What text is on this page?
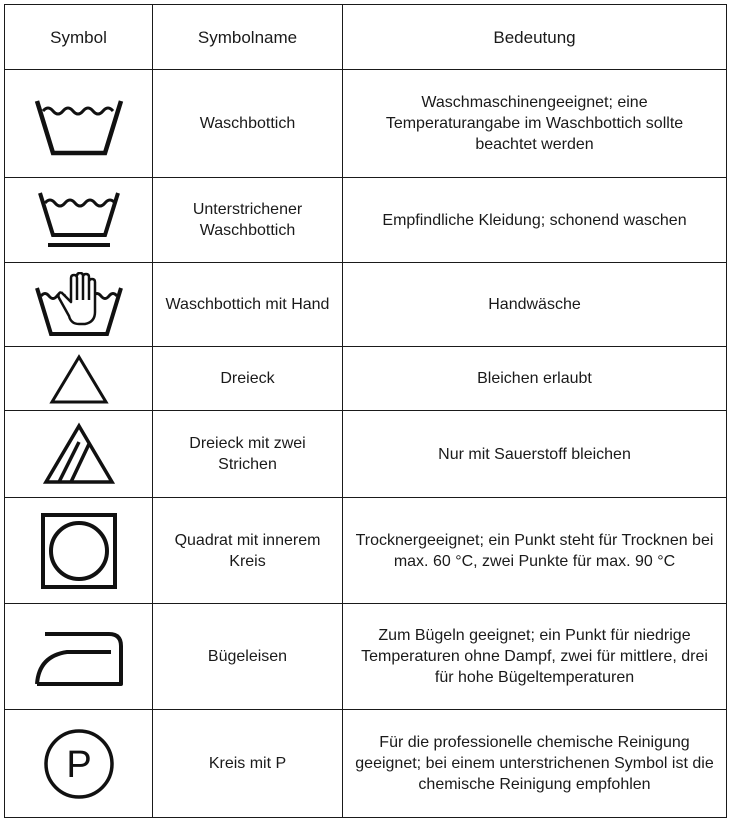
Symbol	Symbolname	Bedeutung

	Waschbottich	Waschmaschinengeeignet; eine Temperaturangabe im Waschbottich sollte beachtet werden

	Unterstrichener Waschbottich	Empfindliche Kleidung; schonend waschen

	Waschbottich mit Hand	Handwäsche

	Dreieck	Bleichen erlaubt

	Dreieck mit zwei Strichen	Nur mit Sauerstoff bleichen

	Quadrat mit innerem Kreis	Trocknergeeignet; ein Punkt steht für Trocknen bei max. 60 °C, zwei Punkte für max. 90 °C

	Bügeleisen	Zum Bügeln geeignet; ein Punkt für niedrige Temperaturen ohne Dampf, zwei für mittlere, drei für hohe Bügeltemperaturen

P	Kreis mit P	Für die professionelle chemische Reinigung geeignet; bei einem unterstrichenen Symbol ist die chemische Reinigung empfohlen
